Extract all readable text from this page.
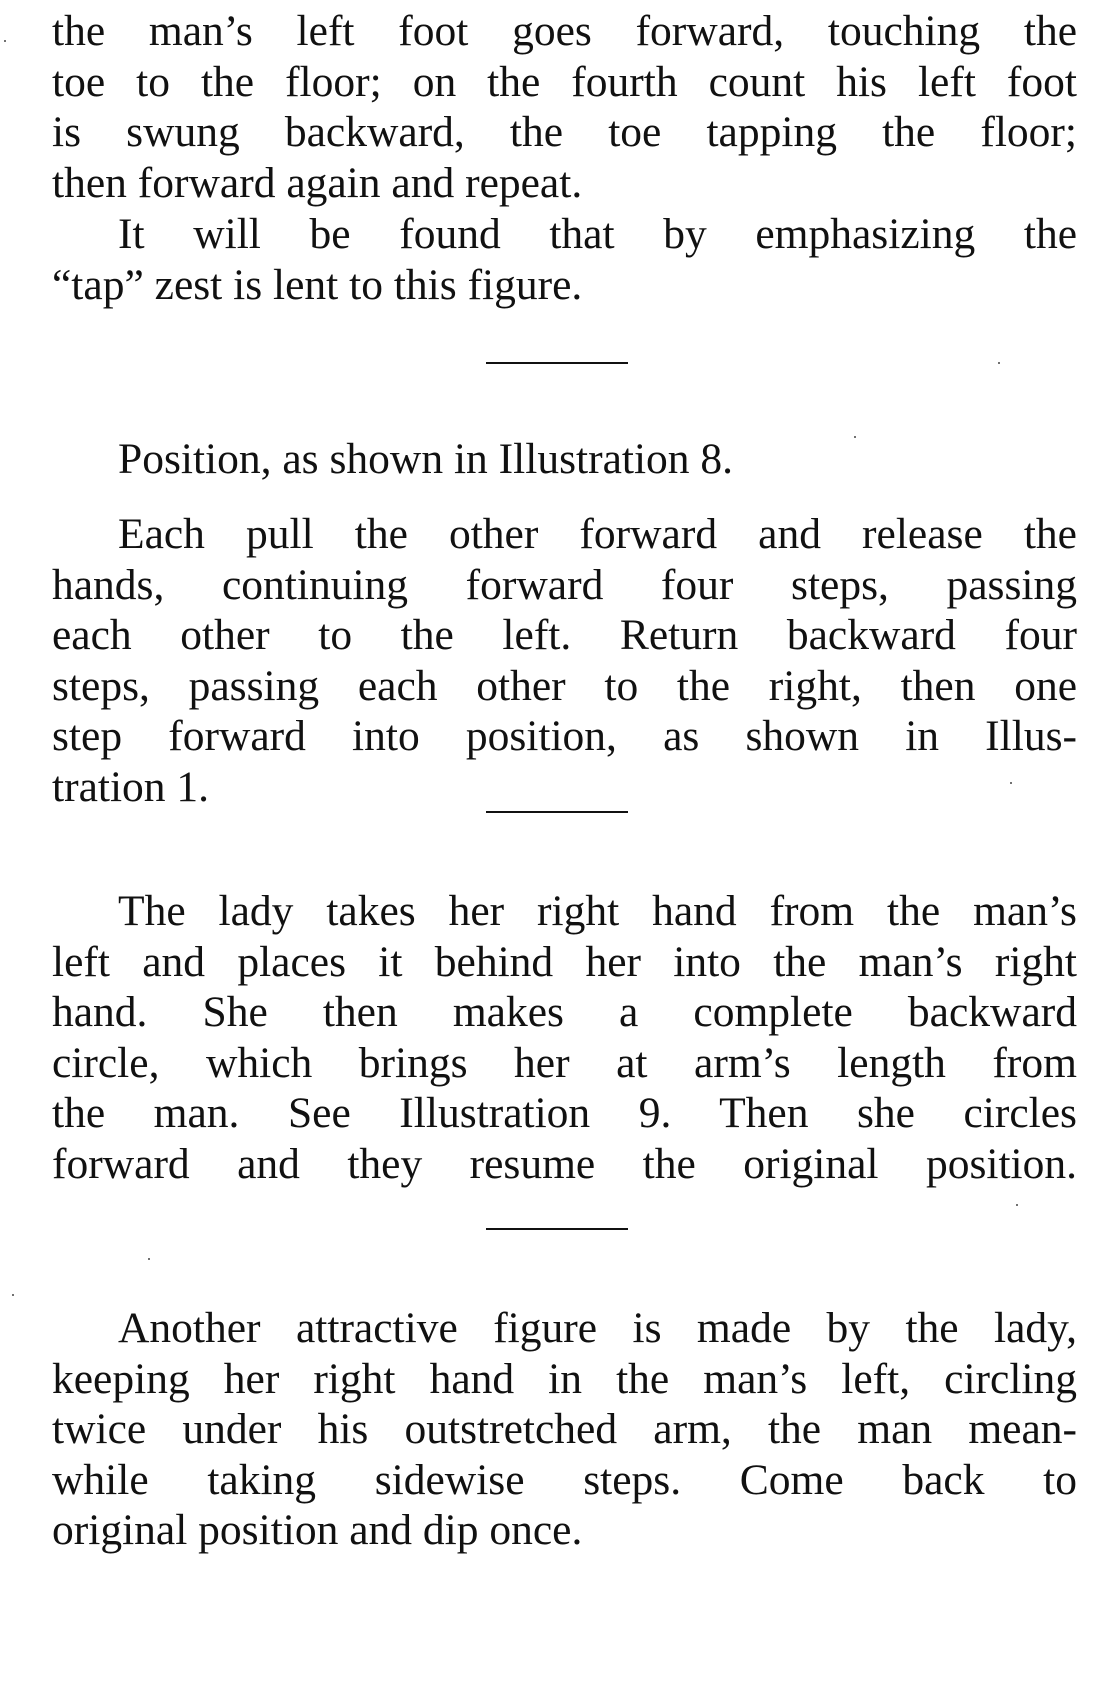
the man’s left foot goes forward, touching the
toe to the floor; on the fourth count his left foot
is swung backward, the toe tapping the floor;
then forward again and repeat.
It will be found that by emphasizing the
“tap” zest is lent to this figure.
Position, as shown in Illustration 8.
Each pull the other forward and release the
hands, continuing forward four steps, passing
each other to the left. Return backward four
steps, passing each other to the right, then one
step forward into position, as shown in Illus-
tration 1.
The lady takes her right hand from the man’s
left and places it behind her into the man’s right
hand. She then makes a complete backward
circle, which brings her at arm’s length from
the man. See Illustration 9. Then she circles
forward and they resume the original position.
Another attractive figure is made by the lady,
keeping her right hand in the man’s left, circling
twice under his outstretched arm, the man mean-
while taking sidewise steps. Come back to
original position and dip once.
